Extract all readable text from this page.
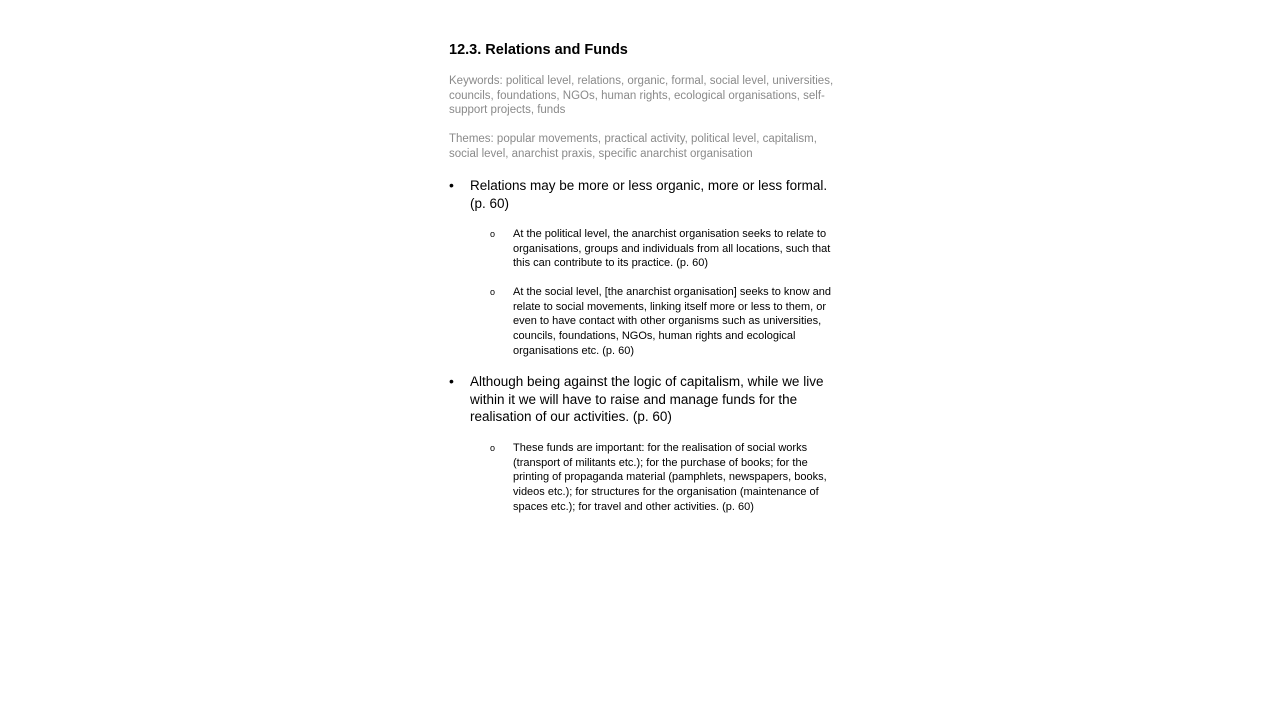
12.3. Relations and Funds
Keywords: political level, relations, organic, formal, social level, universities, councils, foundations, NGOs, human rights, ecological organisations, self-support projects, funds
Themes: popular movements, practical activity, political level, capitalism, social level, anarchist praxis, specific anarchist organisation
• Relations may be more or less organic, more or less formal. (p. 60)
o At the political level, the anarchist organisation seeks to relate to organisations, groups and individuals from all locations, such that this can contribute to its practice. (p. 60)
o At the social level, [the anarchist organisation] seeks to know and relate to social movements, linking itself more or less to them, or even to have contact with other organisms such as universities, councils, foundations, NGOs, human rights and ecological organisations etc. (p. 60)
• Although being against the logic of capitalism, while we live within it we will have to raise and manage funds for the realisation of our activities. (p. 60)
o These funds are important: for the realisation of social works (transport of militants etc.); for the purchase of books; for the printing of propaganda material (pamphlets, newspapers, books, videos etc.); for structures for the organisation (maintenance of spaces etc.); for travel and other activities. (p. 60)
